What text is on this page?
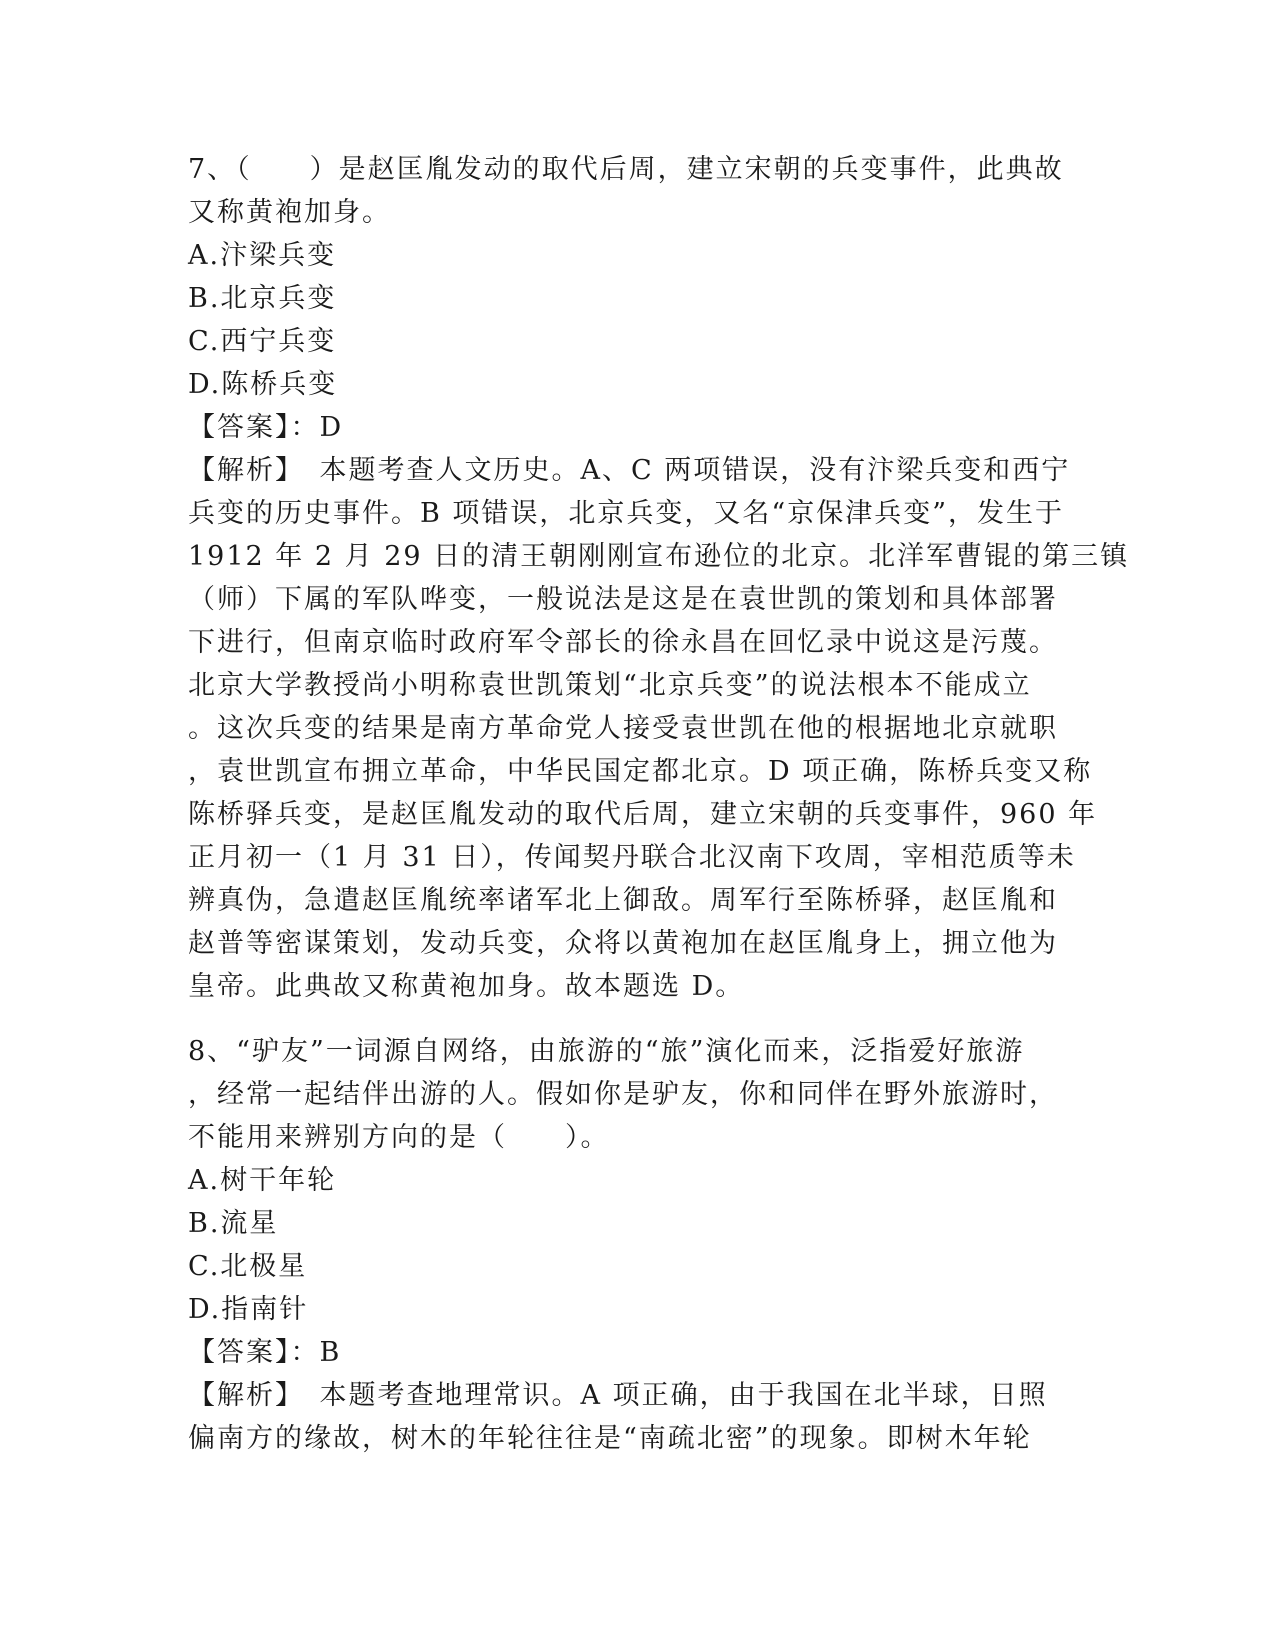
7、（　　）是赵匡胤发动的取代后周，建立宋朝的兵变事件，此典故
又称黄袍加身。
A.汴梁兵变
B.北京兵变
C.西宁兵变
D.陈桥兵变
【答案】：D
【解析】　本题考查人文历史。A、C 两项错误，没有汴梁兵变和西宁
兵变的历史事件。B 项错误，北京兵变，又名“京保津兵变”，发生于
1912 年 2 月 29 日的清王朝刚刚宣布逊位的北京。北洋军曹锟的第三镇
（师）下属的军队哗变，一般说法是这是在袁世凯的策划和具体部署
下进行，但南京临时政府军令部长的徐永昌在回忆录中说这是污蔑。
北京大学教授尚小明称袁世凯策划“北京兵变”的说法根本不能成立
。这次兵变的结果是南方革命党人接受袁世凯在他的根据地北京就职
，袁世凯宣布拥立革命，中华民国定都北京。D 项正确，陈桥兵变又称
陈桥驿兵变，是赵匡胤发动的取代后周，建立宋朝的兵变事件，960 年
正月初一（1 月 31 日），传闻契丹联合北汉南下攻周，宰相范质等未
辨真伪，急遣赵匡胤统率诸军北上御敌。周军行至陈桥驿，赵匡胤和
赵普等密谋策划，发动兵变，众将以黄袍加在赵匡胤身上，拥立他为
皇帝。此典故又称黄袍加身。故本题选 D。
8、“驴友”一词源自网络，由旅游的“旅”演化而来，泛指爱好旅游
，经常一起结伴出游的人。假如你是驴友，你和同伴在野外旅游时，
不能用来辨别方向的是（　　）。
A.树干年轮
B.流星
C.北极星
D.指南针
【答案】：B
【解析】　本题考查地理常识。A 项正确，由于我国在北半球，日照
偏南方的缘故，树木的年轮往往是“南疏北密”的现象。即树木年轮
